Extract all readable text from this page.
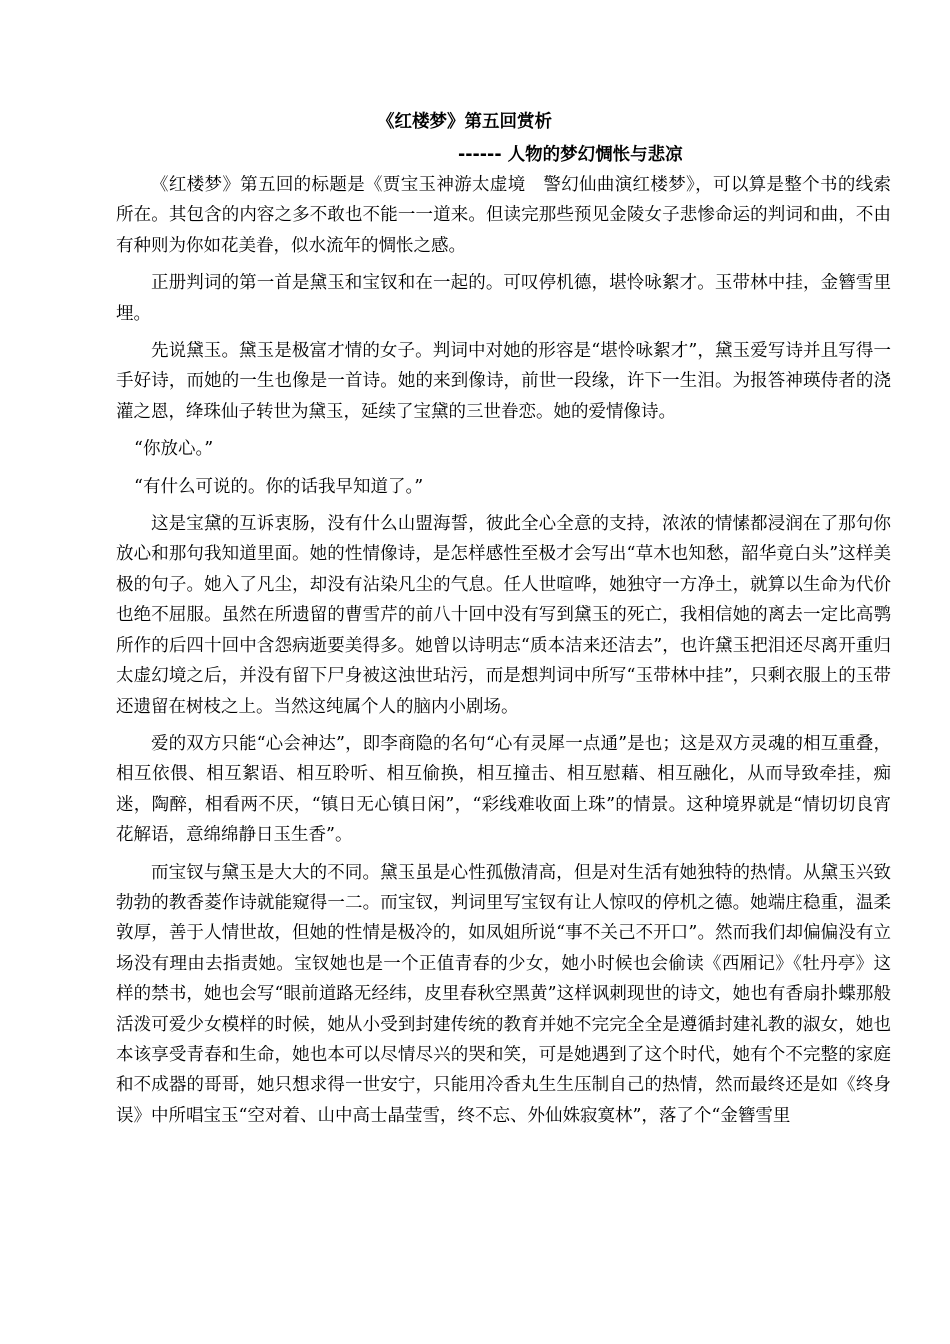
《红楼梦》第五回赏析
------ 人物的梦幻惆怅与悲凉

《红楼梦》第五回的标题是《贾宝玉神游太虚境　警幻仙曲演红楼梦》，可以算是整个书的线索所在。其包含的内容之多不敢也不能一一道来。但读完那些预见金陵女子悲惨命运的判词和曲，不由有种则为你如花美眷，似水流年的惆怅之感。

正册判词的第一首是黛玉和宝钗和在一起的。可叹停机德，堪怜咏絮才。玉带林中挂，金簪雪里埋。

先说黛玉。黛玉是极富才情的女子。判词中对她的形容是“堪怜咏絮才”，黛玉爱写诗并且写得一手好诗，而她的一生也像是一首诗。她的来到像诗，前世一段缘，许下一生泪。为报答神瑛侍者的浇灌之恩，绛珠仙子转世为黛玉，延续了宝黛的三世眷恋。她的爱情像诗。

“你放心。”

“有什么可说的。你的话我早知道了。”

这是宝黛的互诉衷肠，没有什么山盟海誓，彼此全心全意的支持，浓浓的情愫都浸润在了那句你放心和那句我知道里面。她的性情像诗，是怎样感性至极才会写出“草木也知愁，韶华竟白头”这样美极的句子。她入了凡尘，却没有沾染凡尘的气息。任人世喧哗，她独守一方净土，就算以生命为代价也绝不屈服。虽然在所遗留的曹雪芹的前八十回中没有写到黛玉的死亡，我相信她的离去一定比高鹗所作的后四十回中含怨病逝要美得多。她曾以诗明志“质本洁来还洁去”，也许黛玉把泪还尽离开重归太虚幻境之后，并没有留下尸身被这浊世玷污，而是想判词中所写“玉带林中挂”，只剩衣服上的玉带还遗留在树枝之上。当然这纯属个人的脑内小剧场。

爱的双方只能“心会神达”，即李商隐的名句“心有灵犀一点通”是也；这是双方灵魂的相互重叠，相互依偎、相互絮语、相互聆听、相互偷换，相互撞击、相互慰藉、相互融化，从而导致牵挂，痴迷，陶醉，相看两不厌，“镇日无心镇日闲”，“彩线难收面上珠”的情景。这种境界就是“情切切良宵花解语，意绵绵静日玉生香”。

而宝钗与黛玉是大大的不同。黛玉虽是心性孤傲清高，但是对生活有她独特的热情。从黛玉兴致勃勃的教香菱作诗就能窥得一二。而宝钗，判词里写宝钗有让人惊叹的停机之德。她端庄稳重，温柔敦厚，善于人情世故，但她的性情是极冷的，如凤姐所说“事不关己不开口”。然而我们却偏偏没有立场没有理由去指责她。宝钗她也是一个正值青春的少女，她小时候也会偷读《西厢记》《牡丹亭》这样的禁书，她也会写“眼前道路无经纬，皮里春秋空黑黄”这样讽刺现世的诗文，她也有香扇扑蝶那般活泼可爱少女模样的时候，她从小受到封建传统的教育并她不完完全全是遵循封建礼教的淑女，她也本该享受青春和生命，她也本可以尽情尽兴的哭和笑，可是她遇到了这个时代，她有个不完整的家庭和不成器的哥哥，她只想求得一世安宁，只能用冷香丸生生压制自己的热情，然而最终还是如《终身误》中所唱宝玉“空对着、山中高士晶莹雪，终不忘、外仙姝寂寞林”，落了个“金簪雪里
